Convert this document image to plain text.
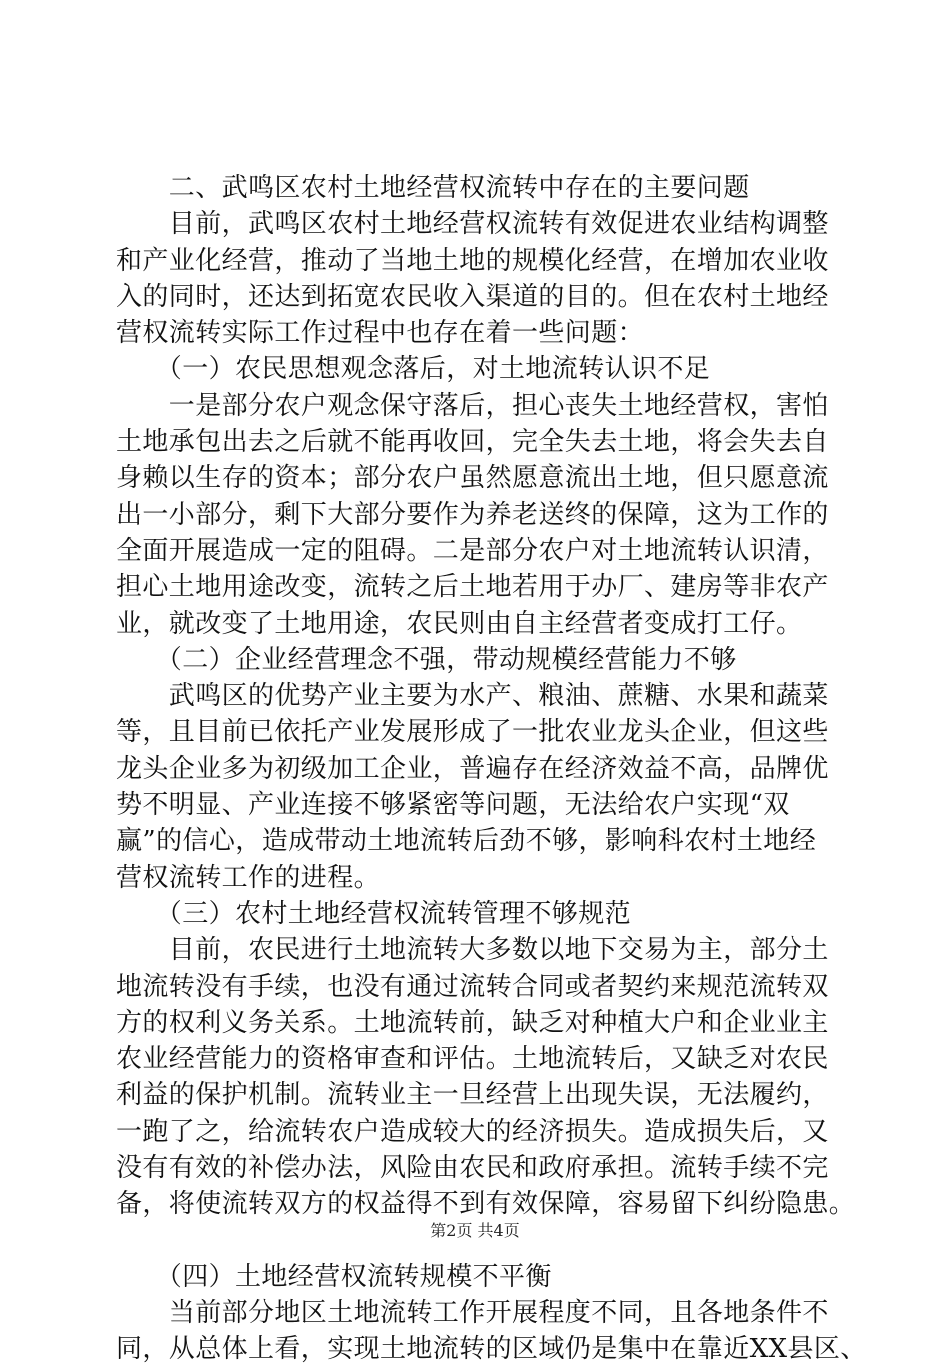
　　二、武鸣区农村土地经营权流转中存在的主要问题
　　目前，武鸣区农村土地经营权流转有效促进农业结构调整
和产业化经营，推动了当地土地的规模化经营，在增加农业收
入的同时，还达到拓宽农民收入渠道的目的。但在农村土地经
营权流转实际工作过程中也存在着一些问题：
　　（一）农民思想观念落后，对土地流转认识不足
　　一是部分农户观念保守落后，担心丧失土地经营权，害怕
土地承包出去之后就不能再收回，完全失去土地，将会失去自
身赖以生存的资本；部分农户虽然愿意流出土地，但只愿意流
出一小部分，剩下大部分要作为养老送终的保障，这为工作的
全面开展造成一定的阻碍。二是部分农户对土地流转认识清，
担心土地用途改变，流转之后土地若用于办厂、建房等非农产
业，就改变了土地用途，农民则由自主经营者变成打工仔。
　　（二）企业经营理念不强，带动规模经营能力不够
　　武鸣区的优势产业主要为水产、粮油、蔗糖、水果和蔬菜
等，且目前已依托产业发展形成了一批农业龙头企业，但这些
龙头企业多为初级加工企业，普遍存在经济效益不高，品牌优
势不明显、产业连接不够紧密等问题，无法给农户实现“双
赢”的信心，造成带动土地流转后劲不够，影响科农村土地经
营权流转工作的进程。
　　（三）农村土地经营权流转管理不够规范
　　目前，农民进行土地流转大多数以地下交易为主，部分土
地流转没有手续，也没有通过流转合同或者契约来规范流转双
方的权利义务关系。土地流转前，缺乏对种植大户和企业业主
农业经营能力的资格审查和评估。土地流转后，又缺乏对农民
利益的保护机制。流转业主一旦经营上出现失误，无法履约，
一跑了之，给流转农户造成较大的经济损失。造成损失后，又
没有有效的补偿办法，风险由农民和政府承担。流转手续不完
备，将使流转双方的权益得不到有效保障，容易留下纠纷隐患。
　　（四）土地经营权流转规模不平衡
　　当前部分地区土地流转工作开展程度不同，且各地条件不
同，从总体上看，实现土地流转的区域仍是集中在靠近XX县区、
第2页 共4页
